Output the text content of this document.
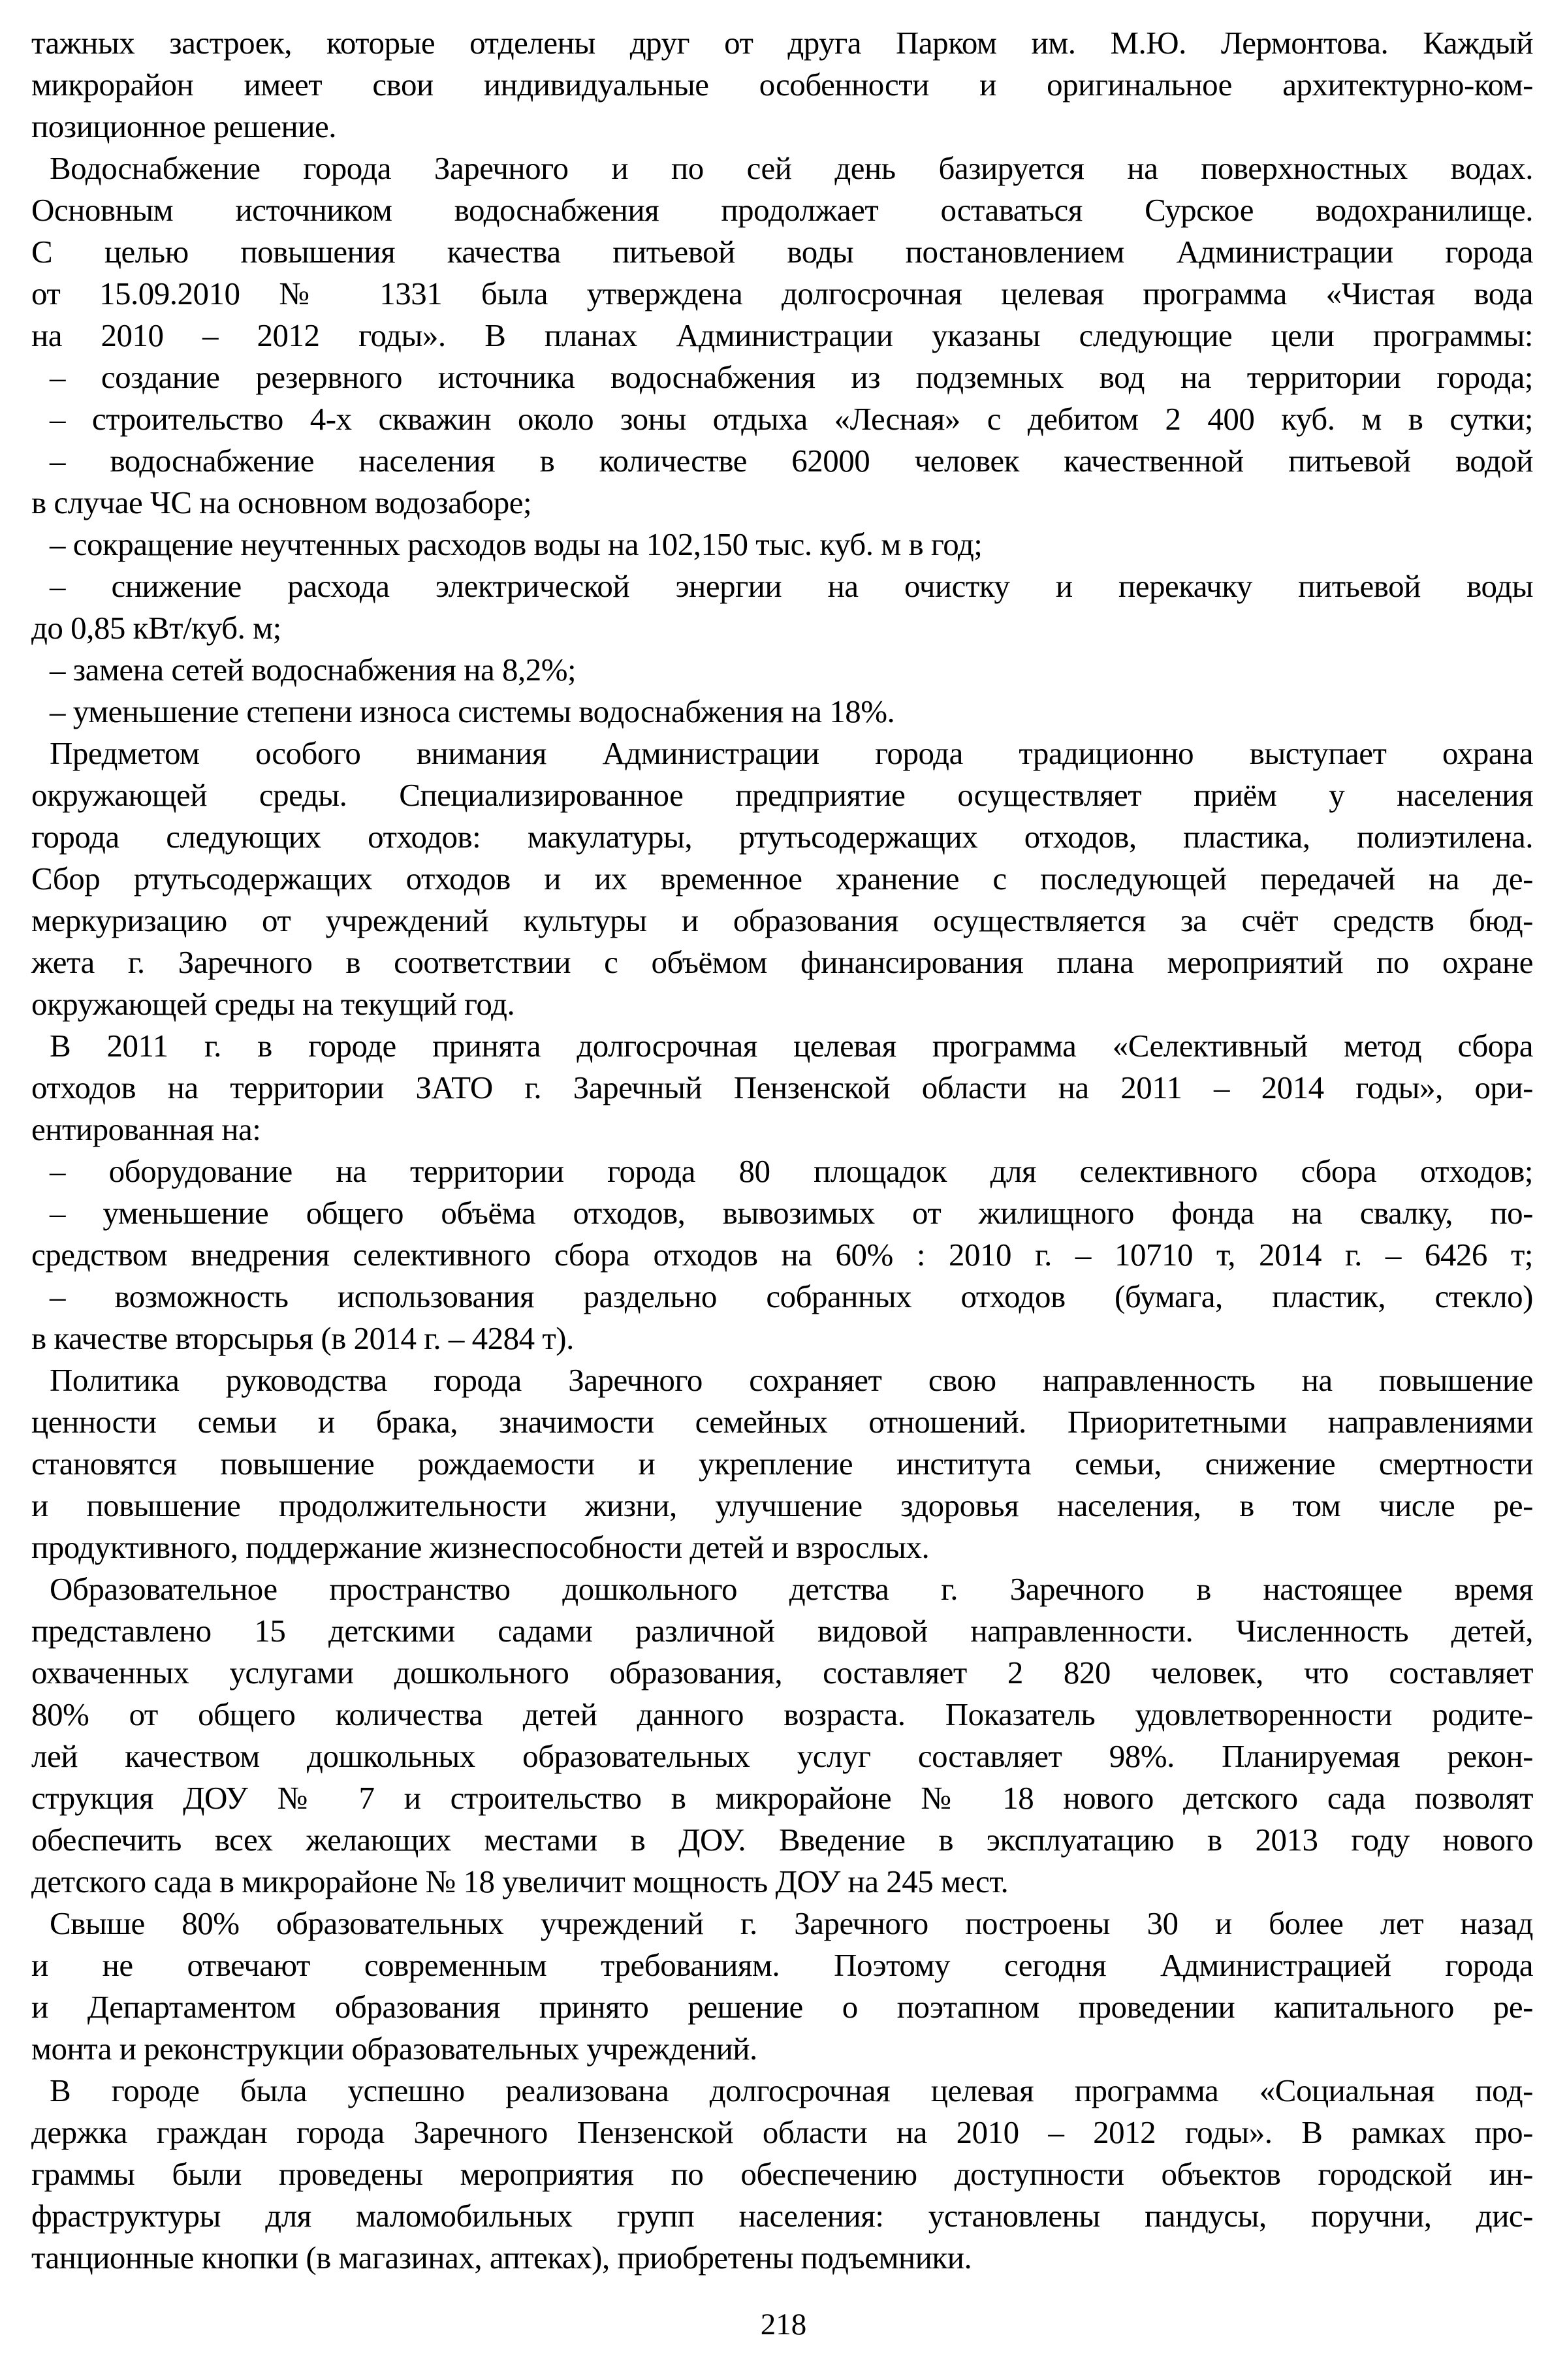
тажных застроек, которые отделены друг от друга Парком им. М.Ю. Лермонтова. Каждый
микрорайон имеет свои индивидуальные особенности и оригинальное архитектурно-ком-
позиционное решение.
Водоснабжение города Заречного и по сей день базируется на поверхностных водах.
Основным источником водоснабжения продолжает оставаться Сурское водохранилище.
С целью повышения качества питьевой воды постановлением Администрации города
от 15.09.2010 № 1331 была утверждена долгосрочная целевая программа «Чистая вода
на 2010 – 2012 годы». В планах Администрации указаны следующие цели программы:
– создание резервного источника водоснабжения из подземных вод на территории города;
– строительство 4-х скважин около зоны отдыха «Лесная» с дебитом 2 400 куб. м в сутки;
– водоснабжение населения в количестве 62000 человек качественной питьевой водой
в случае ЧС на основном водозаборе;
– сокращение неучтенных расходов воды на 102,150 тыс. куб. м в год;
– снижение расхода электрической энергии на очистку и перекачку питьевой воды
до 0,85 кВт/куб. м;
– замена сетей водоснабжения на 8,2%;
– уменьшение степени износа системы водоснабжения на 18%.
Предметом особого внимания Администрации города традиционно выступает охрана
окружающей среды. Специализированное предприятие осуществляет приём у населения
города следующих отходов: макулатуры, ртутьсодержащих отходов, пластика, полиэтилена.
Сбор ртутьсодержащих отходов и их временное хранение с последующей передачей на де-
меркуризацию от учреждений культуры и образования осуществляется за счёт средств бюд-
жета г. Заречного в соответствии с объёмом финансирования плана мероприятий по охране
окружающей среды на текущий год.
В 2011 г. в городе принята долгосрочная целевая программа «Селективный метод сбора
отходов на территории ЗАТО г. Заречный Пензенской области на 2011 – 2014 годы», ори-
ентированная на:
– оборудование на территории города 80 площадок для селективного сбора отходов;
– уменьшение общего объёма отходов, вывозимых от жилищного фонда на свалку, по-
средством внедрения селективного сбора отходов на 60% : 2010 г. – 10710 т, 2014 г. – 6426 т;
– возможность использования раздельно собранных отходов (бумага, пластик, стекло)
в качестве вторсырья (в 2014 г. – 4284 т).
Политика руководства города Заречного сохраняет свою направленность на повышение
ценности семьи и брака, значимости семейных отношений. Приоритетными направлениями
становятся повышение рождаемости и укрепление института семьи, снижение смертности
и повышение продолжительности жизни, улучшение здоровья населения, в том числе ре-
продуктивного, поддержание жизнеспособности детей и взрослых.
Образовательное пространство дошкольного детства г. Заречного в настоящее время
представлено 15 детскими садами различной видовой направленности. Численность детей,
охваченных услугами дошкольного образования, составляет 2 820 человек, что составляет
80% от общего количества детей данного возраста. Показатель удовлетворенности родите-
лей качеством дошкольных образовательных услуг составляет 98%. Планируемая рекон-
струкция ДОУ № 7 и строительство в микрорайоне № 18 нового детского сада позволят
обеспечить всех желающих местами в ДОУ. Введение в эксплуатацию в 2013 году нового
детского сада в микрорайоне № 18 увеличит мощность ДОУ на 245 мест.
Свыше 80% образовательных учреждений г. Заречного построены 30 и более лет назад
и не отвечают современным требованиям. Поэтому сегодня Администрацией города
и Департаментом образования принято решение о поэтапном проведении капитального ре-
монта и реконструкции образовательных учреждений.
В городе была успешно реализована долгосрочная целевая программа «Социальная под-
держка граждан города Заречного Пензенской области на 2010 – 2012 годы». В рамках про-
граммы были проведены мероприятия по обеспечению доступности объектов городской ин-
фраструктуры для маломобильных групп населения: установлены пандусы, поручни, дис-
танционные кнопки (в магазинах, аптеках), приобретены подъемники.
218
